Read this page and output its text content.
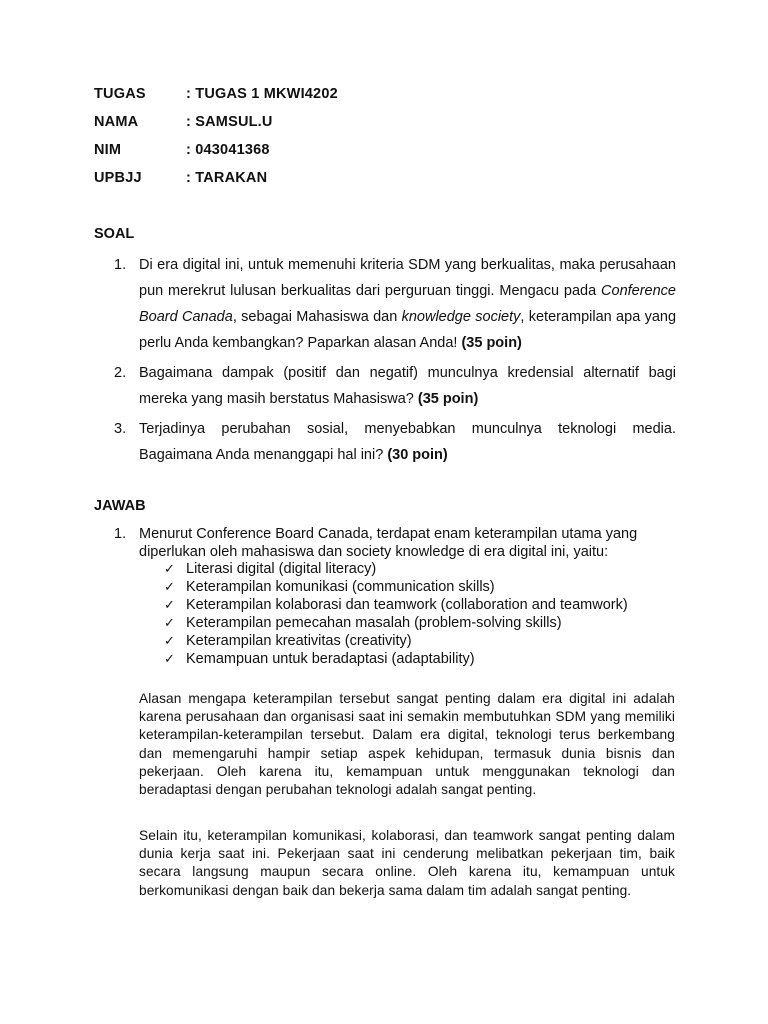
TUGAS	: TUGAS 1 MKWI4202
NAMA	: SAMSUL.U
NIM	: 043041368
UPBJJ	: TARAKAN
SOAL
1. Di era digital ini, untuk memenuhi kriteria SDM yang berkualitas, maka perusahaan pun merekrut lulusan berkualitas dari perguruan tinggi. Mengacu pada Conference Board Canada, sebagai Mahasiswa dan knowledge society, keterampilan apa yang perlu Anda kembangkan? Paparkan alasan Anda! (35 poin)
2. Bagaimana dampak (positif dan negatif) munculnya kredensial alternatif bagi mereka yang masih berstatus Mahasiswa? (35 poin)
3. Terjadinya perubahan sosial, menyebabkan munculnya teknologi media. Bagaimana Anda menanggapi hal ini? (30 poin)
JAWAB
1. Menurut Conference Board Canada, terdapat enam keterampilan utama yang diperlukan oleh mahasiswa dan society knowledge di era digital ini, yaitu:
✓ Literasi digital (digital literacy)
✓ Keterampilan komunikasi (communication skills)
✓ Keterampilan kolaborasi dan teamwork (collaboration and teamwork)
✓ Keterampilan pemecahan masalah (problem-solving skills)
✓ Keterampilan kreativitas (creativity)
✓ Kemampuan untuk beradaptasi (adaptability)

Alasan mengapa keterampilan tersebut sangat penting dalam era digital ini adalah karena perusahaan dan organisasi saat ini semakin membutuhkan SDM yang memiliki keterampilan-keterampilan tersebut. Dalam era digital, teknologi terus berkembang dan memengaruhi hampir setiap aspek kehidupan, termasuk dunia bisnis dan pekerjaan. Oleh karena itu, kemampuan untuk menggunakan teknologi dan beradaptasi dengan perubahan teknologi adalah sangat penting.

Selain itu, keterampilan komunikasi, kolaborasi, dan teamwork sangat penting dalam dunia kerja saat ini. Pekerjaan saat ini cenderung melibatkan pekerjaan tim, baik secara langsung maupun secara online. Oleh karena itu, kemampuan untuk berkomunikasi dengan baik dan bekerja sama dalam tim adalah sangat penting.
